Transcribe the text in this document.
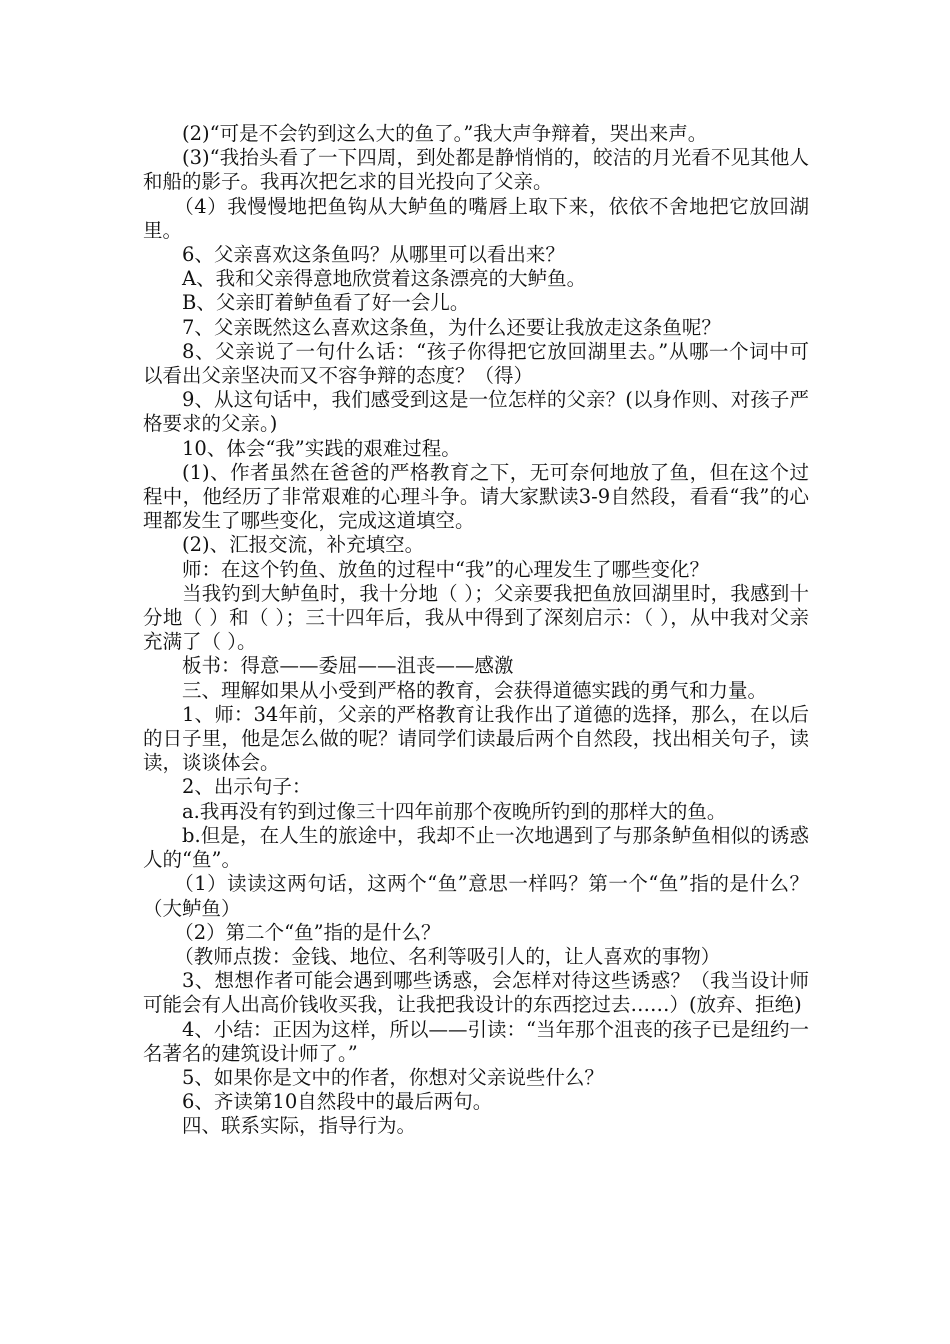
(2)“可是不会钓到这么大的鱼了。”我大声争辩着，哭出来声。

(3)“我抬头看了一下四周，到处都是静悄悄的，皎洁的月光看不见其他人和船的影子。我再次把乞求的目光投向了父亲。

（4）我慢慢地把鱼钩从大鲈鱼的嘴唇上取下来，依依不舍地把它放回湖里。

6、父亲喜欢这条鱼吗？从哪里可以看出来？

A、我和父亲得意地欣赏着这条漂亮的大鲈鱼。

B、父亲盯着鲈鱼看了好一会儿。

7、父亲既然这么喜欢这条鱼，为什么还要让我放走这条鱼呢？

8、父亲说了一句什么话：“孩子你得把它放回湖里去。”从哪一个词中可以看出父亲坚决而又不容争辩的态度？（得）

9、从这句话中，我们感受到这是一位怎样的父亲？(以身作则、对孩子严格要求的父亲。)

10、体会“我”实践的艰难过程。

(1)、作者虽然在爸爸的严格教育之下，无可奈何地放了鱼，但在这个过程中，他经历了非常艰难的心理斗争。请大家默读3-9自然段，看看“我”的心理都发生了哪些变化，完成这道填空。

(2)、汇报交流，补充填空。

师：在这个钓鱼、放鱼的过程中“我”的心理发生了哪些变化？

当我钓到大鲈鱼时，我十分地（ ）；父亲要我把鱼放回湖里时，我感到十分地（ ）和（ ）；三十四年后，我从中得到了深刻启示：（ ），从中我对父亲充满了（ ）。

板书：得意——委屈——沮丧——感激

三、理解如果从小受到严格的教育，会获得道德实践的勇气和力量。

1、师：34年前，父亲的严格教育让我作出了道德的选择，那么，在以后的日子里，他是怎么做的呢？请同学们读最后两个自然段，找出相关句子，读读，谈谈体会。

2、出示句子：

a.我再没有钓到过像三十四年前那个夜晚所钓到的那样大的鱼。

b.但是，在人生的旅途中，我却不止一次地遇到了与那条鲈鱼相似的诱惑人的“鱼”。

（1）读读这两句话，这两个“鱼”意思一样吗？第一个“鱼”指的是什么？（大鲈鱼）

（2）第二个“鱼”指的是什么？

（教师点拨：金钱、地位、名利等吸引人的，让人喜欢的事物）

3、想想作者可能会遇到哪些诱惑，会怎样对待这些诱惑？（我当设计师可能会有人出高价钱收买我，让我把我设计的东西挖过去……）(放弃、拒绝)

4、小结：正因为这样，所以——引读：“当年那个沮丧的孩子已是纽约一名著名的建筑设计师了。”

5、如果你是文中的作者，你想对父亲说些什么？

6、齐读第10自然段中的最后两句。

四、联系实际，指导行为。
